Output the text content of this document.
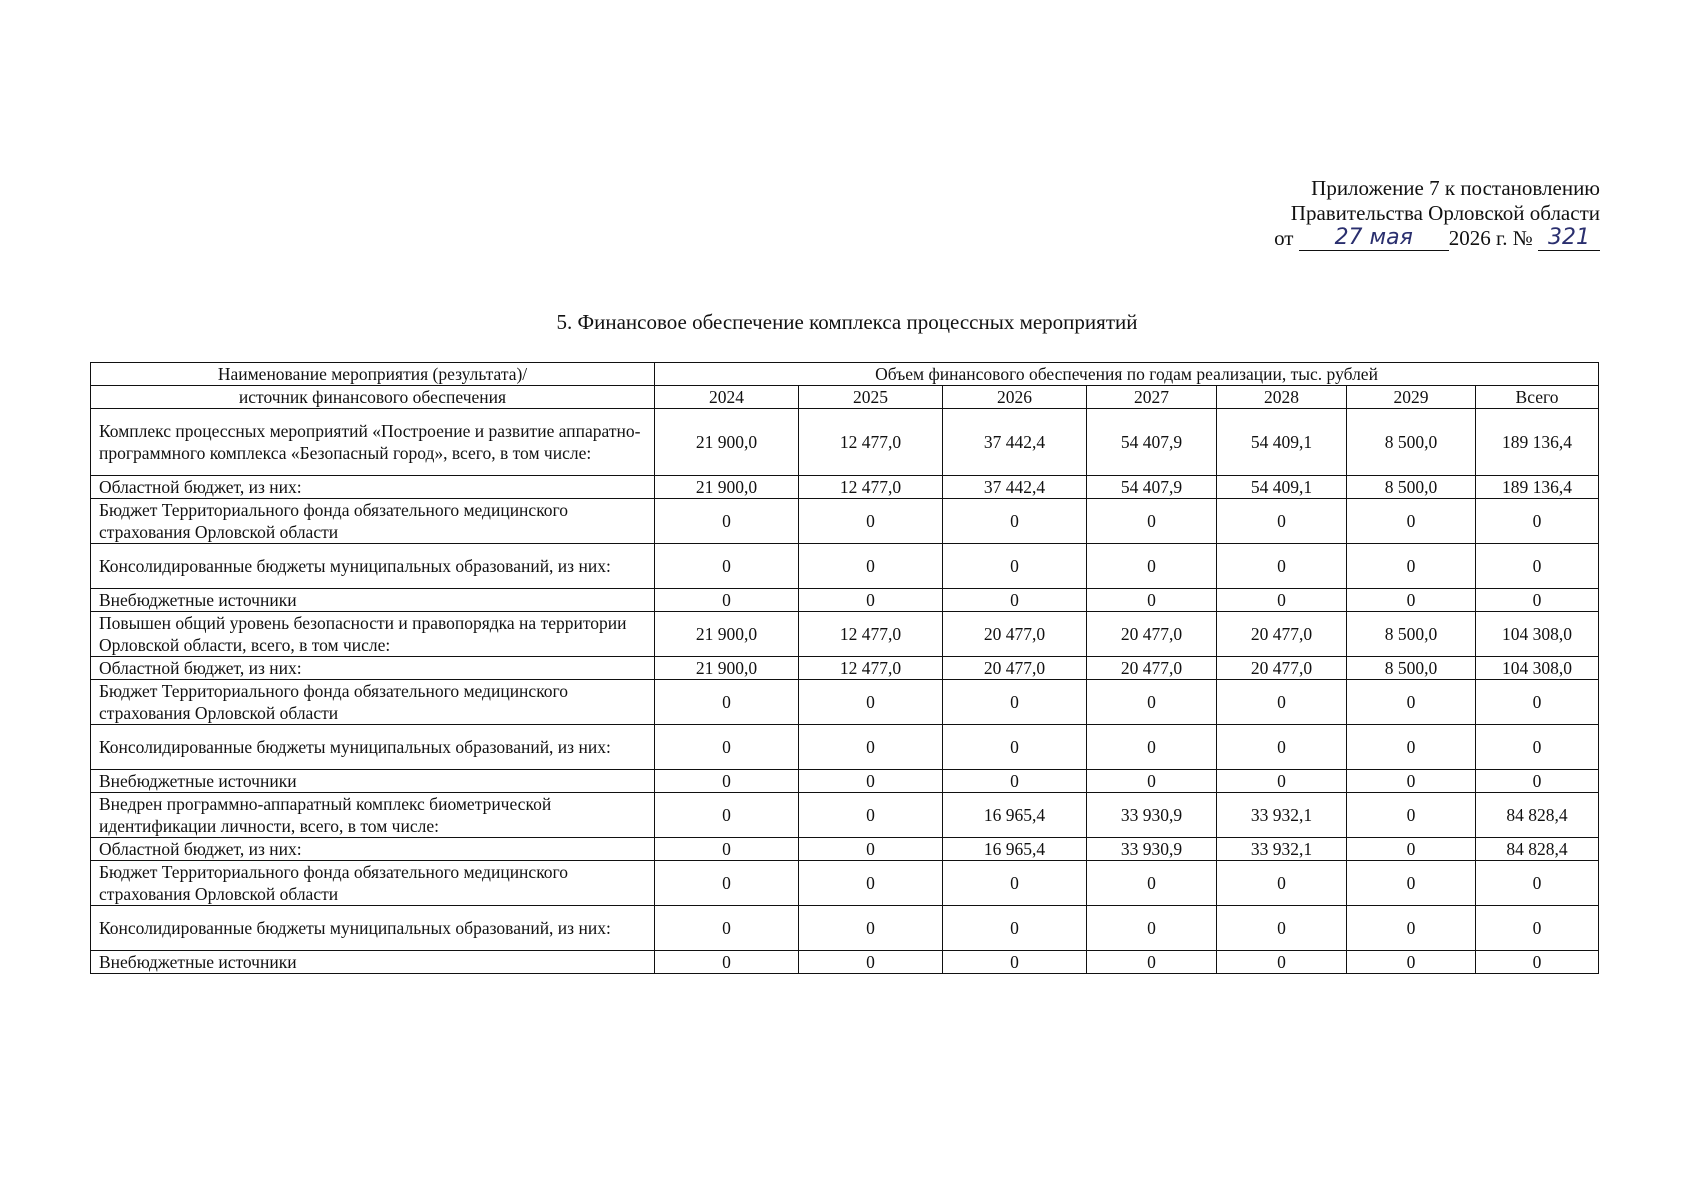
Приложение 7 к постановлению
Правительства Орловской области
от 27 мая 2026 г. № 321
5. Финансовое обеспечение комплекса процессных мероприятий
Наименование мероприятия (результата)/	Объем финансового обеспечения по годам реализации, тыс. рублей						
источник финансового обеспечения	2024	2025	2026	2027	2028	2029	Всего
Комплекс процессных мероприятий «Построение и развитие аппаратно-программного комплекса «Безопасный город», всего, в том числе:	21 900,0	12 477,0	37 442,4	54 407,9	54 409,1	8 500,0	189 136,4
Областной бюджет, из них:	21 900,0	12 477,0	37 442,4	54 407,9	54 409,1	8 500,0	189 136,4
Бюджет Территориального фонда обязательного медицинского страхования Орловской области	0	0	0	0	0	0	0
Консолидированные бюджеты муниципальных образований, из них:	0	0	0	0	0	0	0
Внебюджетные источники	0	0	0	0	0	0	0
Повышен общий уровень безопасности и правопорядка на территории Орловской области, всего, в том числе:	21 900,0	12 477,0	20 477,0	20 477,0	20 477,0	8 500,0	104 308,0
Областной бюджет, из них:	21 900,0	12 477,0	20 477,0	20 477,0	20 477,0	8 500,0	104 308,0
Бюджет Территориального фонда обязательного медицинского страхования Орловской области	0	0	0	0	0	0	0
Консолидированные бюджеты муниципальных образований, из них:	0	0	0	0	0	0	0
Внебюджетные источники	0	0	0	0	0	0	0
Внедрен программно-аппаратный комплекс биометрической идентификации личности, всего, в том числе:	0	0	16 965,4	33 930,9	33 932,1	0	84 828,4
Областной бюджет, из них:	0	0	16 965,4	33 930,9	33 932,1	0	84 828,4
Бюджет Территориального фонда обязательного медицинского страхования Орловской области	0	0	0	0	0	0	0
Консолидированные бюджеты муниципальных образований, из них:	0	0	0	0	0	0	0
Внебюджетные источники	0	0	0	0	0	0	0
